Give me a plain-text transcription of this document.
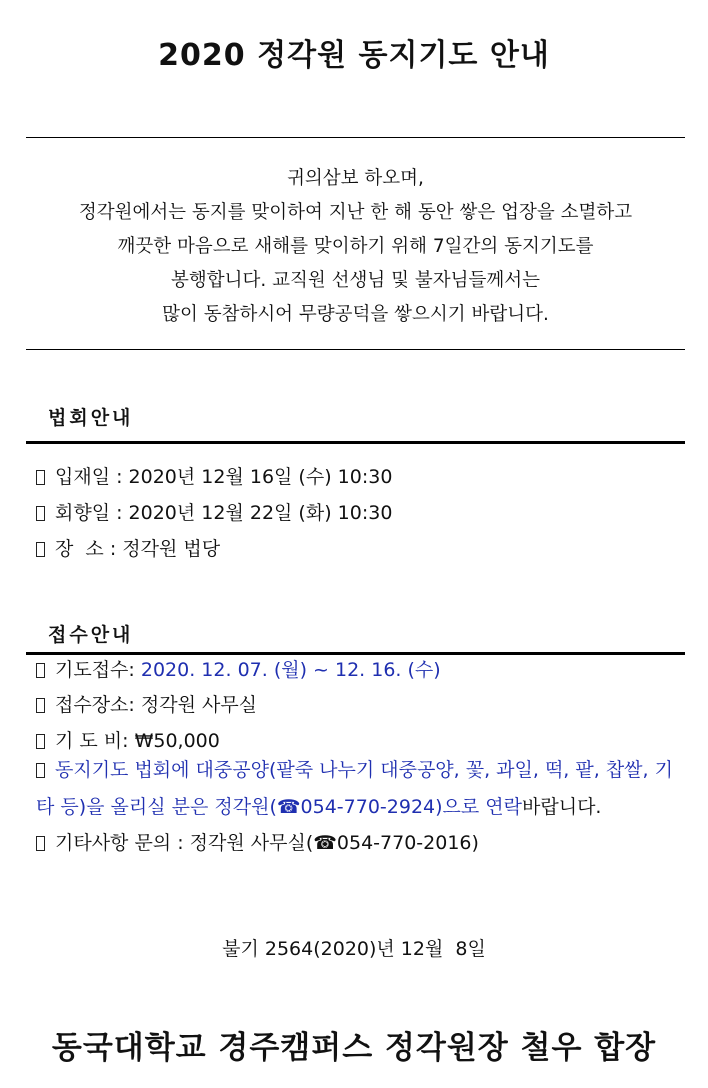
2020 정각원 동지기도 안내
귀의삼보 하오며,
정각원에서는 동지를 맞이하여 지난 한 해 동안 쌓은 업장을 소멸하고
깨끗한 마음으로 새해를 맞이하기 위해 7일간의 동지기도를
봉행합니다. 교직원 선생님 및 불자님들께서는
많이 동참하시어 무량공덕을 쌓으시기 바랍니다.
법회안내
입재일 : 2020년 12월 16일 (수) 10:30
회향일 : 2020년 12월 22일 (화) 10:30
장  소 : 정각원 법당
접수안내
기도접수: 2020. 12. 07. (월) ~ 12. 16. (수)
접수장소: 정각원 사무실
기 도 비: ₩50,000
동지기도 법회에 대중공양(팥죽 나누기 대중공양, 꽃, 과일, 떡, 팥, 찹쌀, 기타 등)을 올리실 분은 정각원(☎054-770-2924)으로 연락바랍니다.
기타사항 문의 : 정각원 사무실(☎054-770-2016)
불기 2564(2020)년 12월  8일
동국대학교 경주캠퍼스 정각원장 철우 합장
